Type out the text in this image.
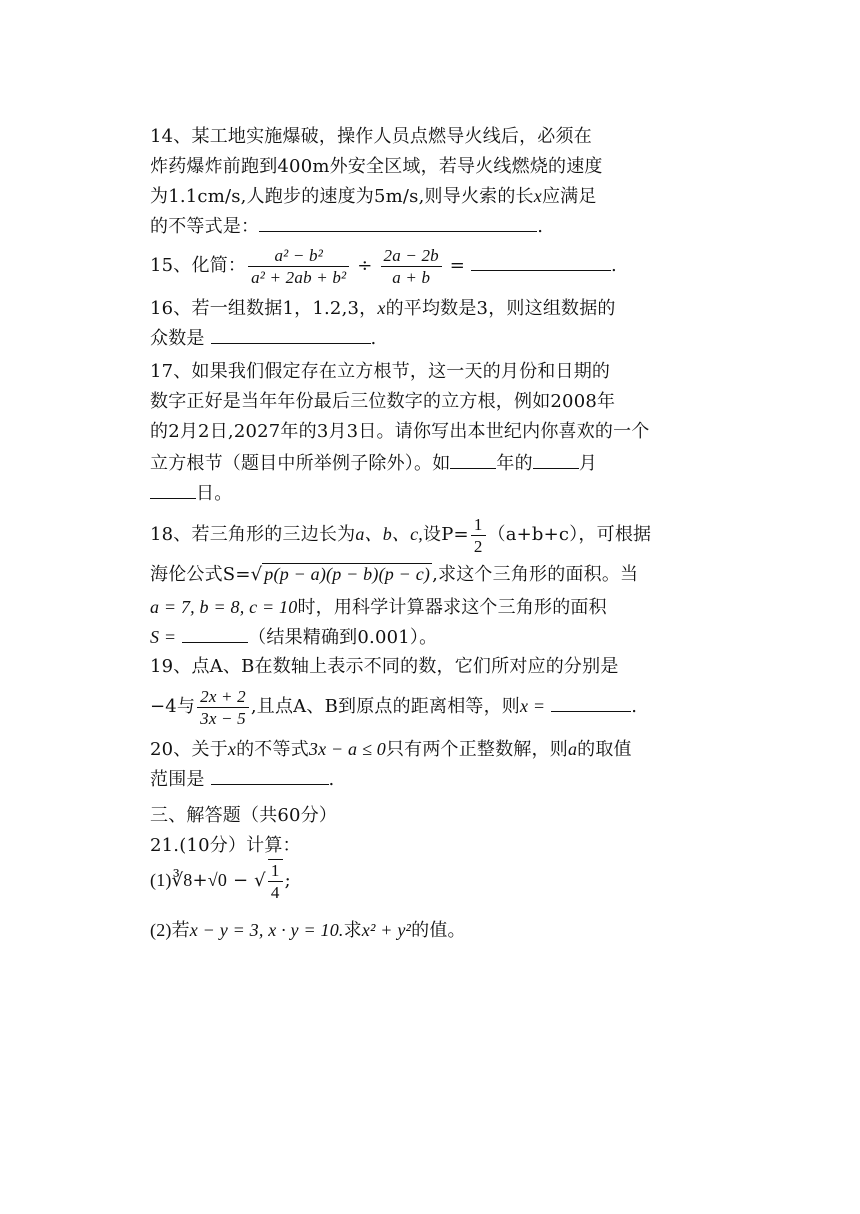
14、某工地实施爆破，操作人员点燃导火线后，必须在
炸药爆炸前跑到400m外安全区域，若导火线燃烧的速度
为1.1cm/s,人跑步的速度为5m/s,则导火索的长x应满足
的不等式是：	.
15、化简： $\frac{\text{a² − b²}}{\text{a² + 2ab + b²}} \div \frac{2a - 2b}{a + b}$ =	.
16、若一组数据1，1.2,3，x的平均数是3，则这组数据的
众数是	.
17、如果我们假定存在立方根节，这一天的月份和日期的
数字正好是当年年份最后三位数字的立方根，例如2008年
的2月2日,2027年的3月3日。请你写出本世纪内你喜欢的一个
立方根节（题目中所举例子除外）。如	年的	月
日。
18、若三角形的三边长为a、b、c,设$P= \frac{1}{2} (a+b+c)$，可根据
海伦公式S=√ p(p − a)(p − b)(p − c) ,求这个三角形的面积。当
a = 7, b = 8, c = 10时，用科学计算器求这个三角形的面积
S =	（结果精确到0.001）。
19、点A、B在数轴上表示不同的数，它们所对应的分别是
−4与 $\frac{2x + 2}{3x - 5}$ ,且点A、B到原点的距离相等，则x =	.
20、关于x的不等式3x − a ≤ 0只有两个正整数解，则a的取值
范围是	.
三、解答题（共60分）
21.(10分）计算：
(1)∛8+√0 − √ $\frac{1}{4}$ ;
(2)若x − y = 3, x · y = 10.求x² + y²的值。
